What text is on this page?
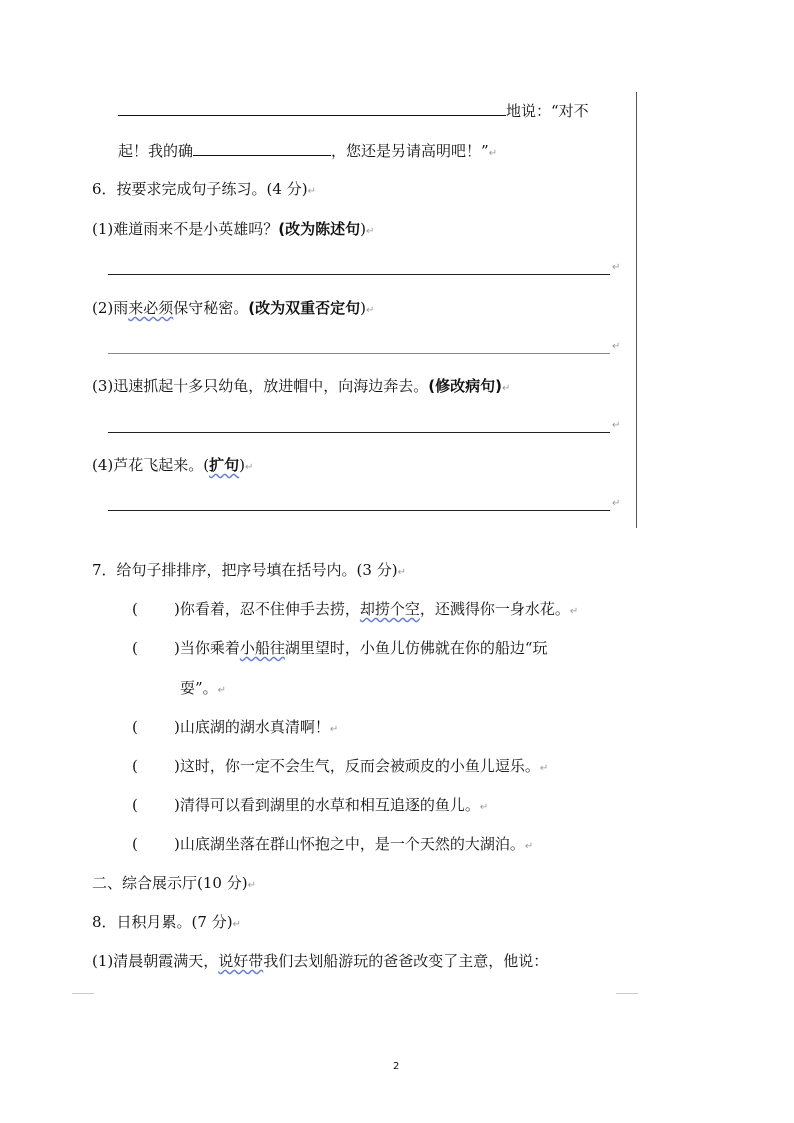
地说：“对不
起！我的确	，您还是另请高明吧！”↵
6．按要求完成句子练习。(4 分)↵
(1)难道雨来不是小英雄吗？(改为陈述句)↵
↵
(2)雨来必须保守秘密。(改为双重否定句)↵
↵
(3)迅速抓起十多只幼龟，放进帽中，向海边奔去。(修改病句)↵
↵
(4)芦花飞起来。(扩句)↵
↵
7．给句子排排序，把序号填在括号内。(3 分)↵
( )你看着，忍不住伸手去捞，却捞个空，还溅得你一身水花。↵
( )当你乘着小船往湖里望时，小鱼儿仿佛就在你的船边“玩
耍”。↵
( )山底湖的湖水真清啊！↵
( )这时，你一定不会生气，反而会被顽皮的小鱼儿逗乐。↵
( )清得可以看到湖里的水草和相互追逐的鱼儿。↵
( )山底湖坐落在群山怀抱之中，是一个天然的大湖泊。↵
二、综合展示厅(10 分)↵
8．日积月累。(7 分)↵
(1)清晨朝霞满天，说好带我们去划船游玩的爸爸改变了主意，他说：
2
